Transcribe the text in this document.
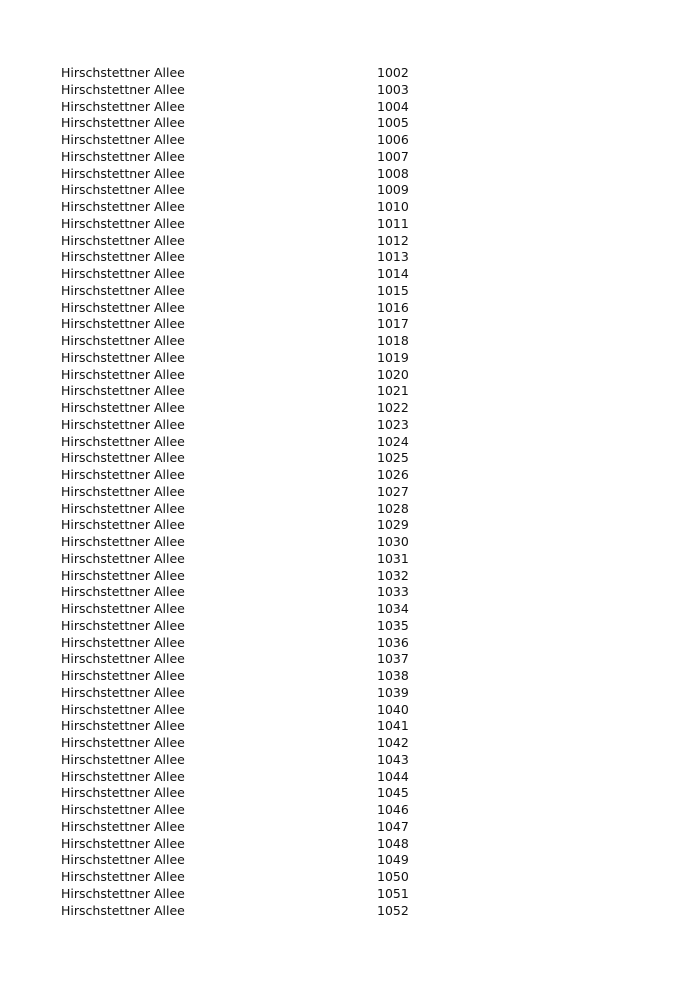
Hirschstettner Allee	1002
Hirschstettner Allee	1003
Hirschstettner Allee	1004
Hirschstettner Allee	1005
Hirschstettner Allee	1006
Hirschstettner Allee	1007
Hirschstettner Allee	1008
Hirschstettner Allee	1009
Hirschstettner Allee	1010
Hirschstettner Allee	1011
Hirschstettner Allee	1012
Hirschstettner Allee	1013
Hirschstettner Allee	1014
Hirschstettner Allee	1015
Hirschstettner Allee	1016
Hirschstettner Allee	1017
Hirschstettner Allee	1018
Hirschstettner Allee	1019
Hirschstettner Allee	1020
Hirschstettner Allee	1021
Hirschstettner Allee	1022
Hirschstettner Allee	1023
Hirschstettner Allee	1024
Hirschstettner Allee	1025
Hirschstettner Allee	1026
Hirschstettner Allee	1027
Hirschstettner Allee	1028
Hirschstettner Allee	1029
Hirschstettner Allee	1030
Hirschstettner Allee	1031
Hirschstettner Allee	1032
Hirschstettner Allee	1033
Hirschstettner Allee	1034
Hirschstettner Allee	1035
Hirschstettner Allee	1036
Hirschstettner Allee	1037
Hirschstettner Allee	1038
Hirschstettner Allee	1039
Hirschstettner Allee	1040
Hirschstettner Allee	1041
Hirschstettner Allee	1042
Hirschstettner Allee	1043
Hirschstettner Allee	1044
Hirschstettner Allee	1045
Hirschstettner Allee	1046
Hirschstettner Allee	1047
Hirschstettner Allee	1048
Hirschstettner Allee	1049
Hirschstettner Allee	1050
Hirschstettner Allee	1051
Hirschstettner Allee	1052
